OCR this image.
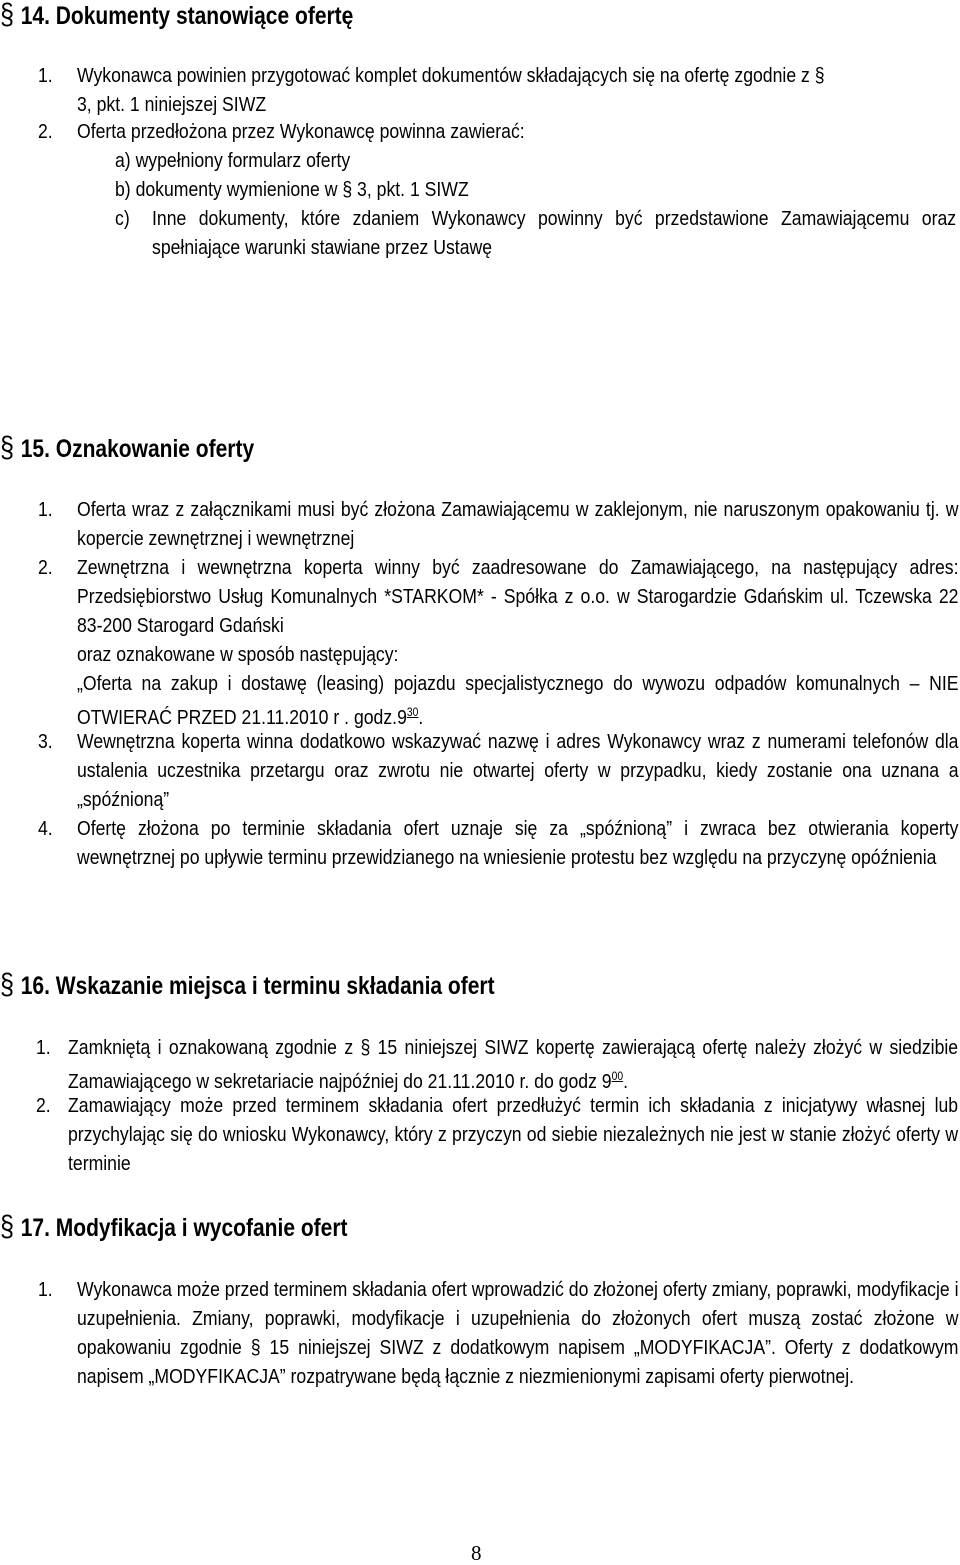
§ 14. Dokumenty stanowiące ofertę
1. Wykonawca powinien przygotować komplet dokumentów składających się na ofertę zgodnie z §
3, pkt. 1 niniejszej SIWZ
2. Oferta przedłożona przez Wykonawcę powinna zawierać:
a) wypełniony formularz oferty
b) dokumenty wymienione w § 3, pkt. 1 SIWZ
c) Inne dokumenty, które zdaniem Wykonawcy powinny być przedstawione Zamawiającemu oraz spełniające warunki stawiane przez Ustawę
§ 15. Oznakowanie oferty
1. Oferta wraz z załącznikami musi być złożona Zamawiającemu w zaklejonym, nie naruszonym opakowaniu tj. w kopercie zewnętrznej i wewnętrznej
2. Zewnętrzna i wewnętrzna koperta winny być zaadresowane do Zamawiającego, na następujący adres: Przedsiębiorstwo Usług Komunalnych *STARKOM* - Spółka z o.o. w Starogardzie Gdańskim ul. Tczewska 22 83-200 Starogard Gdański
oraz oznakowane w sposób następujący:
„Oferta na zakup i dostawę (leasing) pojazdu specjalistycznego do wywozu odpadów komunalnych – NIE OTWIERAĆ PRZED 21.11.2010 r . $godz.9^{30}$.
3. Wewnętrzna koperta winna dodatkowo wskazywać nazwę i adres Wykonawcy wraz z numerami telefonów dla ustalenia uczestnika przetargu oraz zwrotu nie otwartej oferty w przypadku, kiedy zostanie ona uznana a „spóźnioną”
4. Ofertę złożona po terminie składania ofert uznaje się za „spóźnioną” i zwraca bez otwierania koperty wewnętrznej po upływie terminu przewidzianego na wniesienie protestu bez względu na przyczynę opóźnienia
§ 16. Wskazanie miejsca i terminu składania ofert
1. Zamkniętą i oznakowaną zgodnie z § 15 niniejszej SIWZ kopertę zawierającą ofertę należy złożyć w siedzibie Zamawiającego w sekretariacie najpóźniej do 21.11.2010 r. do godz $9^{00}$.
2. Zamawiający może przed terminem składania ofert przedłużyć termin ich składania z inicjatywy własnej lub przychylając się do wniosku Wykonawcy, który z przyczyn od siebie niezależnych nie jest w stanie złożyć oferty w terminie
§ 17. Modyfikacja i wycofanie ofert
1. Wykonawca może przed terminem składania ofert wprowadzić do złożonej oferty zmiany, poprawki, modyfikacje i uzupełnienia. Zmiany, poprawki, modyfikacje i uzupełnienia do złożonych ofert muszą zostać złożone w opakowaniu zgodnie § 15 niniejszej SIWZ z dodatkowym napisem „MODYFIKACJA”. Oferty z dodatkowym napisem „MODYFIKACJA” rozpatrywane będą łącznie z niezmienionymi zapisami oferty pierwotnej.
8
